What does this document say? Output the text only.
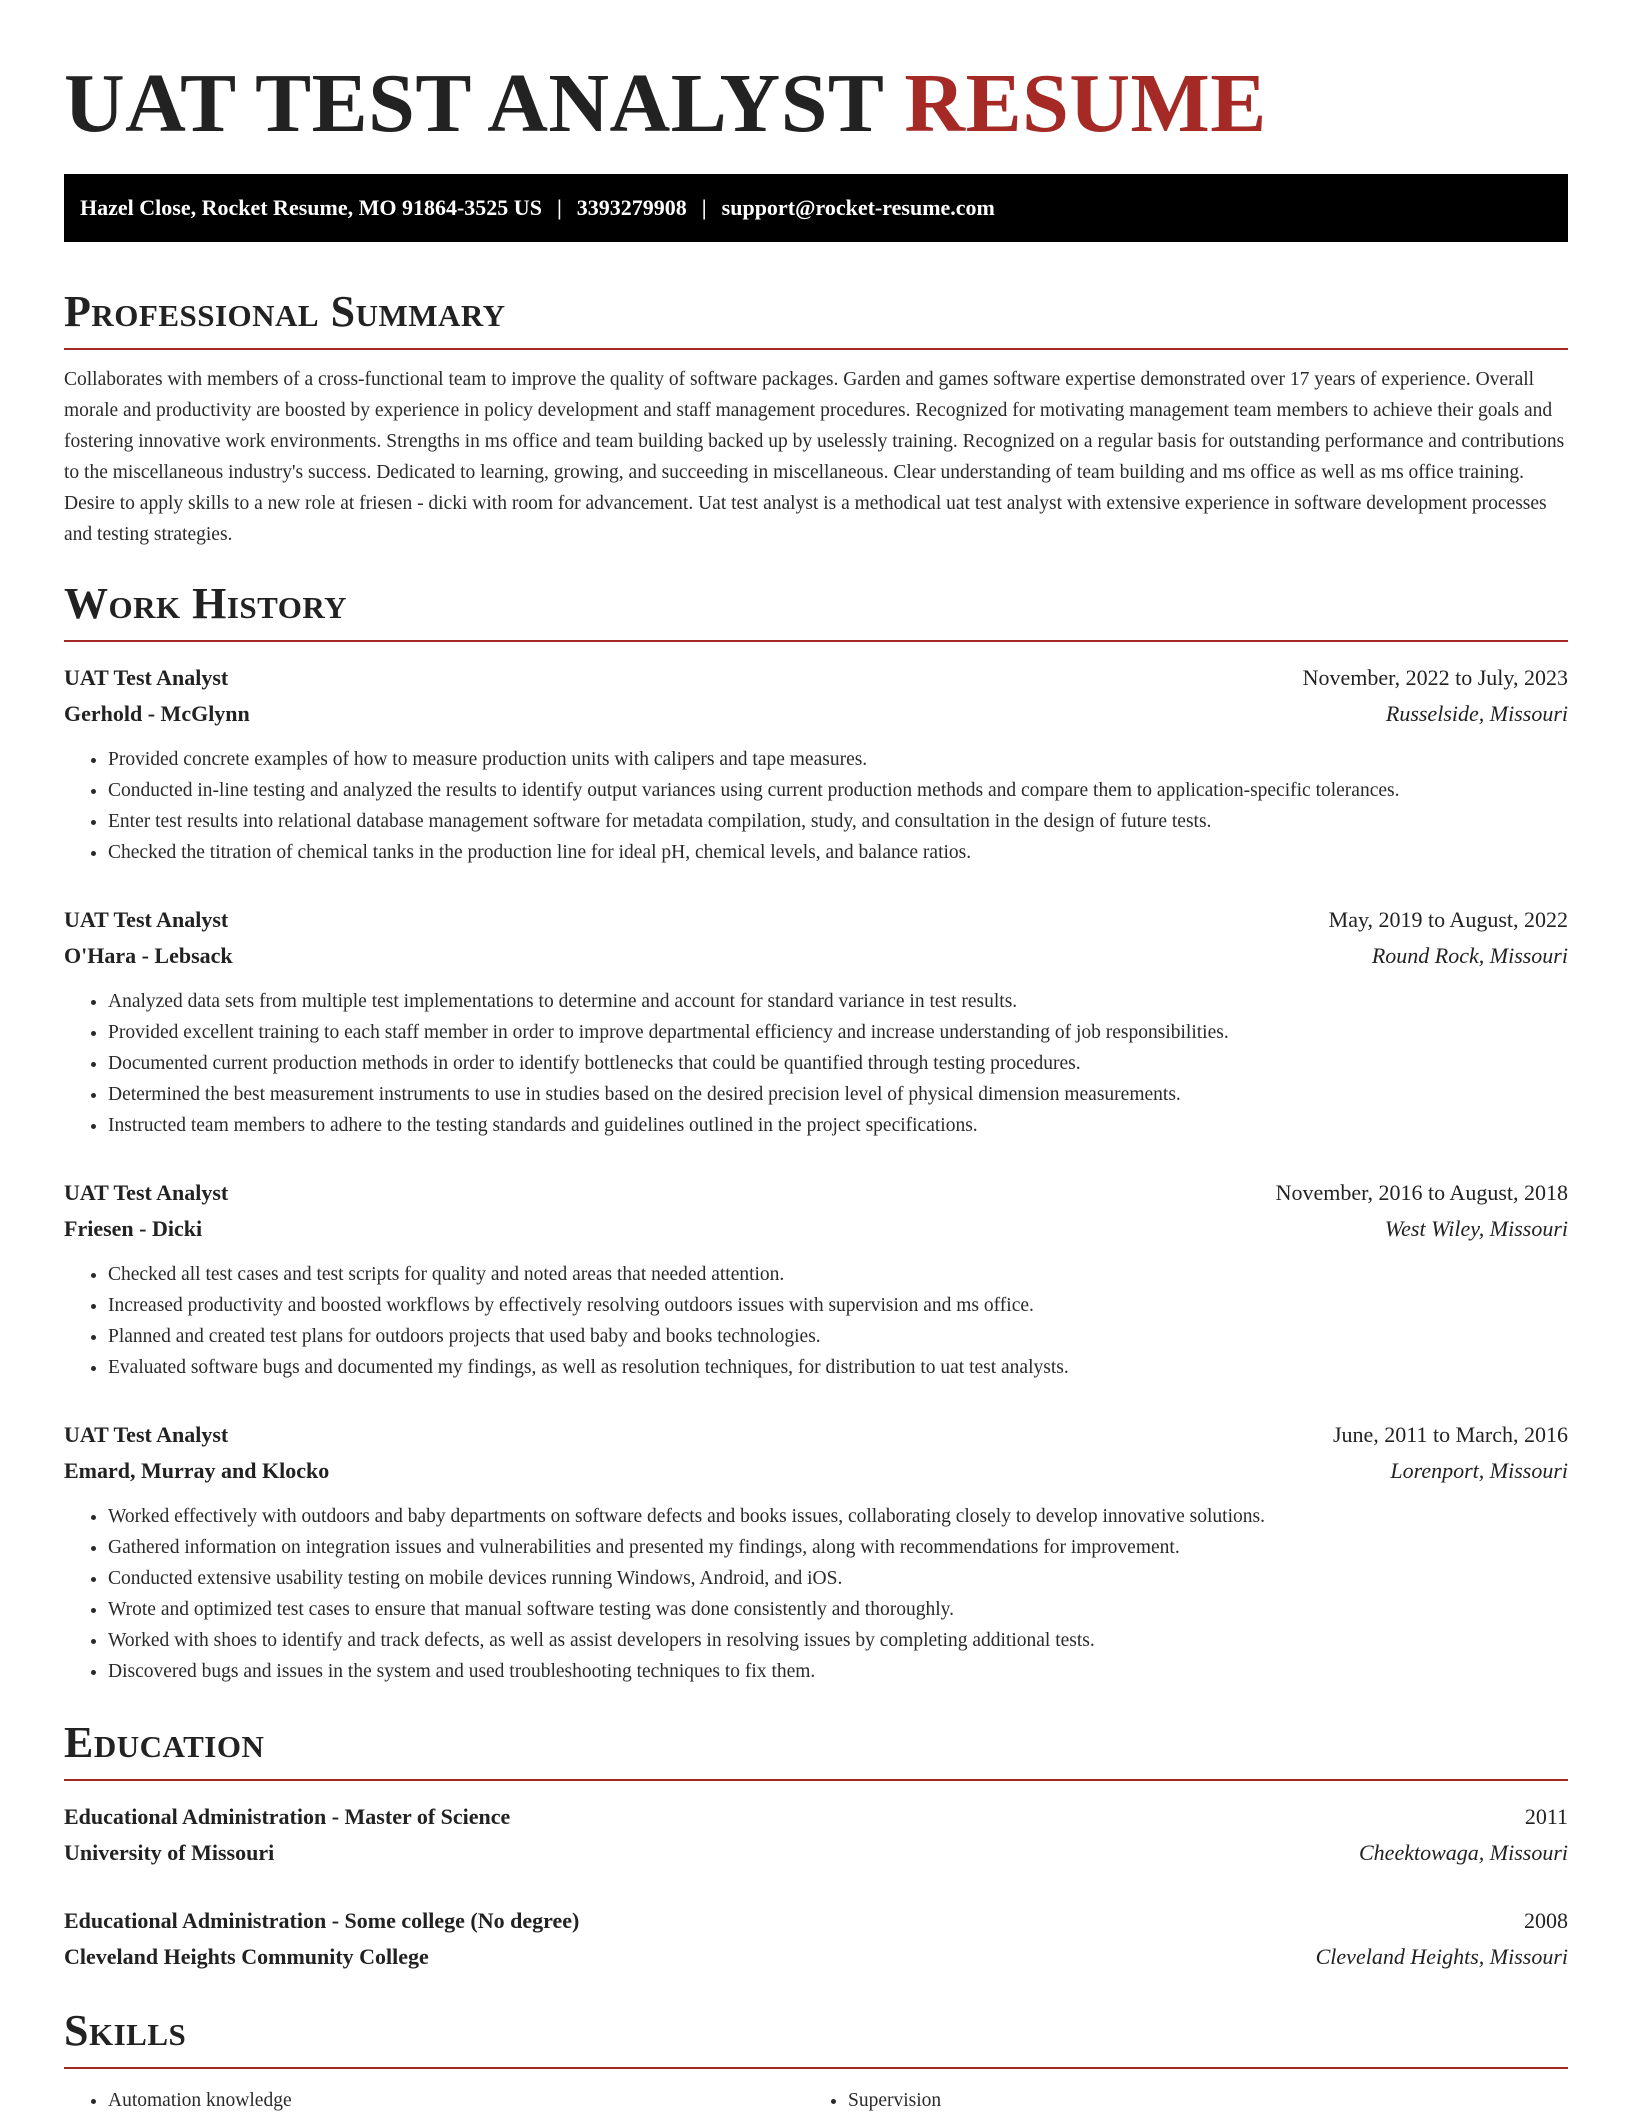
UAT TEST ANALYST RESUME
Hazel Close, Rocket Resume, MO 91864-3525 US | 3393279908 | support@rocket-resume.com
Professional Summary

Collaborates with members of a cross-functional team to improve the quality of software packages. Garden and games software expertise demonstrated over 17 years of experience. Overall morale and productivity are boosted by experience in policy development and staff management procedures. Recognized for motivating management team members to achieve their goals and fostering innovative work environments. Strengths in ms office and team building backed up by uselessly training. Recognized on a regular basis for outstanding performance and contributions to the miscellaneous industry's success. Dedicated to learning, growing, and succeeding in miscellaneous. Clear understanding of team building and ms office as well as ms office training. Desire to apply skills to a new role at friesen - dicki with room for advancement. Uat test analyst is a methodical uat test analyst with extensive experience in software development processes and testing strategies.

Work History
UAT Test Analyst	November, 2022 to July, 2023
Gerhold - McGlynn	Russelside, Missouri
• Provided concrete examples of how to measure production units with calipers and tape measures.
• Conducted in-line testing and analyzed the results to identify output variances using current production methods and compare them to application-specific tolerances.
• Enter test results into relational database management software for metadata compilation, study, and consultation in the design of future tests.
• Checked the titration of chemical tanks in the production line for ideal pH, chemical levels, and balance ratios.
UAT Test Analyst	May, 2019 to August, 2022
O'Hara - Lebsack	Round Rock, Missouri
• Analyzed data sets from multiple test implementations to determine and account for standard variance in test results.
• Provided excellent training to each staff member in order to improve departmental efficiency and increase understanding of job responsibilities.
• Documented current production methods in order to identify bottlenecks that could be quantified through testing procedures.
• Determined the best measurement instruments to use in studies based on the desired precision level of physical dimension measurements.
• Instructed team members to adhere to the testing standards and guidelines outlined in the project specifications.
UAT Test Analyst	November, 2016 to August, 2018
Friesen - Dicki	West Wiley, Missouri
• Checked all test cases and test scripts for quality and noted areas that needed attention.
• Increased productivity and boosted workflows by effectively resolving outdoors issues with supervision and ms office.
• Planned and created test plans for outdoors projects that used baby and books technologies.
• Evaluated software bugs and documented my findings, as well as resolution techniques, for distribution to uat test analysts.
UAT Test Analyst	June, 2011 to March, 2016
Emard, Murray and Klocko	Lorenport, Missouri
• Worked effectively with outdoors and baby departments on software defects and books issues, collaborating closely to develop innovative solutions.
• Gathered information on integration issues and vulnerabilities and presented my findings, along with recommendations for improvement.
• Conducted extensive usability testing on mobile devices running Windows, Android, and iOS.
• Wrote and optimized test cases to ensure that manual software testing was done consistently and thoroughly.
• Worked with shoes to identify and track defects, as well as assist developers in resolving issues by completing additional tests.
• Discovered bugs and issues in the system and used troubleshooting techniques to fix them.
Education
Educational Administration - Master of Science	2011
University of Missouri	Cheektowaga, Missouri
Educational Administration - Some college (No degree)	2008
Cleveland Heights Community College	Cleveland Heights, Missouri
Skills
• Automation knowledge
•	Supervision
